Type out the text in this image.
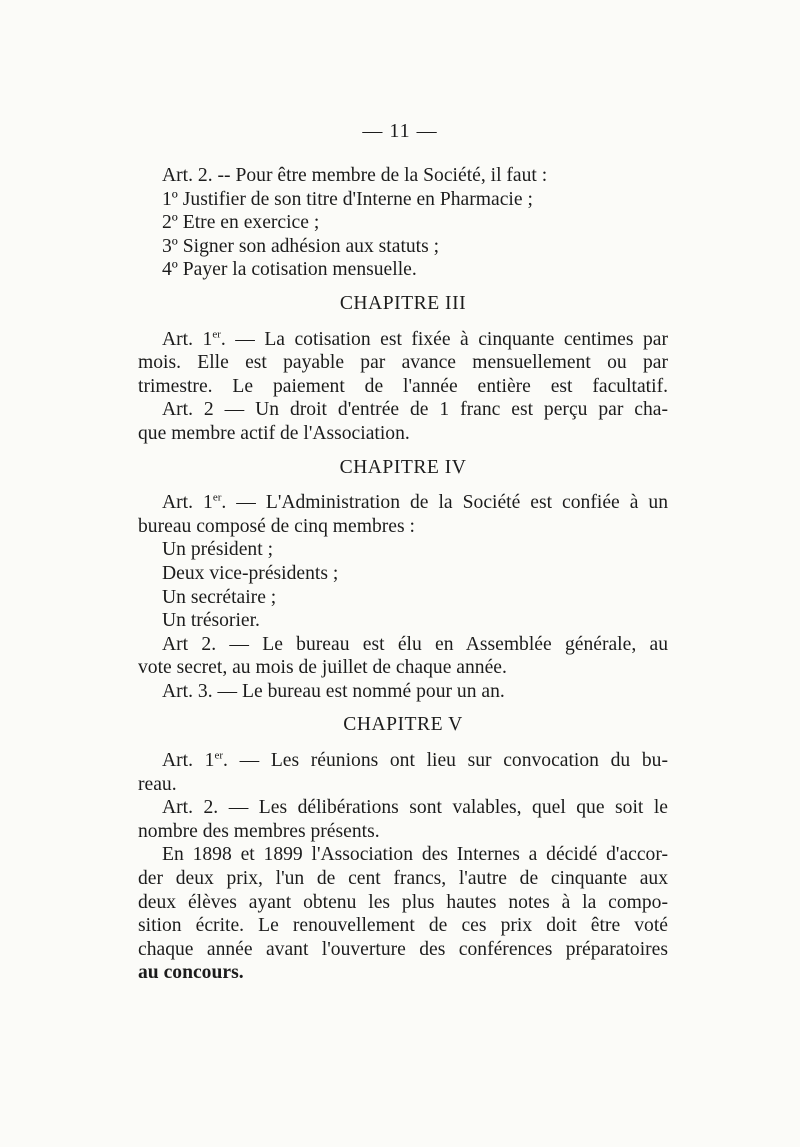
— 11 —
Art. 2. -- Pour être membre de la Société, il faut :
1º Justifier de son titre d'Interne en Pharmacie ;
2º Etre en exercice ;
3º Signer son adhésion aux statuts ;
4º Payer la cotisation mensuelle.
CHAPITRE III
Art. 1er. — La cotisation est fixée à cinquante centimes par
mois. Elle est payable par avance mensuellement ou par
trimestre. Le paiement de l'année entière est facultatif.
Art. 2 — Un droit d'entrée de 1 franc est perçu par cha-
que membre actif de l'Association.
CHAPITRE IV
Art. 1er. — L'Administration de la Société est confiée à un
bureau composé de cinq membres :
Un président ;
Deux vice-présidents ;
Un secrétaire ;
Un trésorier.
Art 2. — Le bureau est élu en Assemblée générale, au
vote secret, au mois de juillet de chaque année.
Art. 3. — Le bureau est nommé pour un an.
CHAPITRE V
Art. 1er. — Les réunions ont lieu sur convocation du bu-
reau.
Art. 2. — Les délibérations sont valables, quel que soit le
nombre des membres présents.
En 1898 et 1899 l'Association des Internes a décidé d'accor-
der deux prix, l'un de cent francs, l'autre de cinquante aux
deux élèves ayant obtenu les plus hautes notes à la compo-
sition écrite. Le renouvellement de ces prix doit être voté
chaque année avant l'ouverture des conférences préparatoires
au concours.
